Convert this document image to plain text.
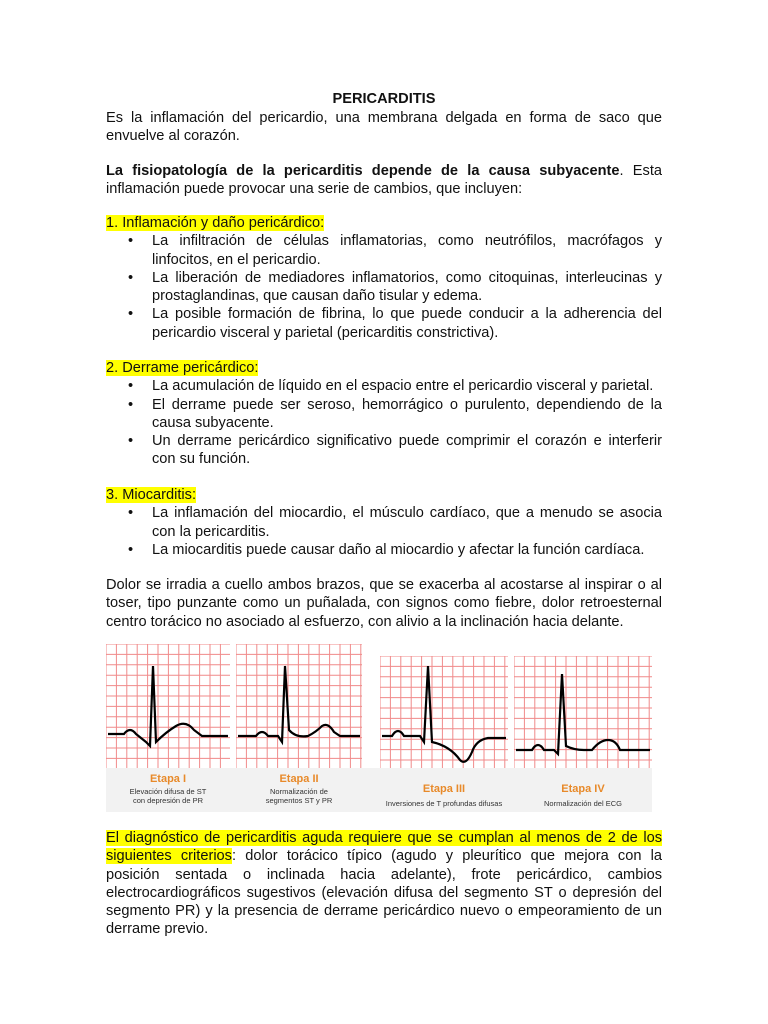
PERICARDITIS
Es la inflamación del pericardio, una membrana delgada en forma de saco que envuelve al corazón.
La fisiopatología de la pericarditis depende de la causa subyacente. Esta inflamación puede provocar una serie de cambios, que incluyen:
1. Inflamación y daño pericárdico:
• La infiltración de células inflamatorias, como neutrófilos, macrófagos y linfocitos, en el pericardio.
• La liberación de mediadores inflamatorios, como citoquinas, interleucinas y prostaglandinas, que causan daño tisular y edema.
• La posible formación de fibrina, lo que puede conducir a la adherencia del pericardio visceral y parietal (pericarditis constrictiva).
2. Derrame pericárdico:
• La acumulación de líquido en el espacio entre el pericardio visceral y parietal.
• El derrame puede ser seroso, hemorrágico o purulento, dependiendo de la causa subyacente.
• Un derrame pericárdico significativo puede comprimir el corazón e interferir con su función.
3. Miocarditis:
• La inflamación del miocardio, el músculo cardíaco, que a menudo se asocia con la pericarditis.
• La miocarditis puede causar daño al miocardio y afectar la función cardíaca.
Dolor se irradia a cuello ambos brazos, que se exacerba al acostarse al inspirar o al toser, tipo punzante como un puñalada, con signos como fiebre, dolor retroesternal centro torácico no asociado al esfuerzo, con alivio a la inclinación hacia delante.
Etapa I
Elevación difusa de ST con depresión de PR
Etapa II
Normalización de segmentos ST y PR
Etapa III
Inversiones de T profundas difusas
Etapa IV
Normalización del ECG
El diagnóstico de pericarditis aguda requiere que se cumplan al menos de 2 de los siguientes criterios: dolor torácico típico (agudo y pleurítico que mejora con la posición sentada o inclinada hacia adelante), frote pericárdico, cambios electrocardiográficos sugestivos (elevación difusa del segmento ST o depresión del segmento PR) y la presencia de derrame pericárdico nuevo o empeoramiento de un derrame previo.
